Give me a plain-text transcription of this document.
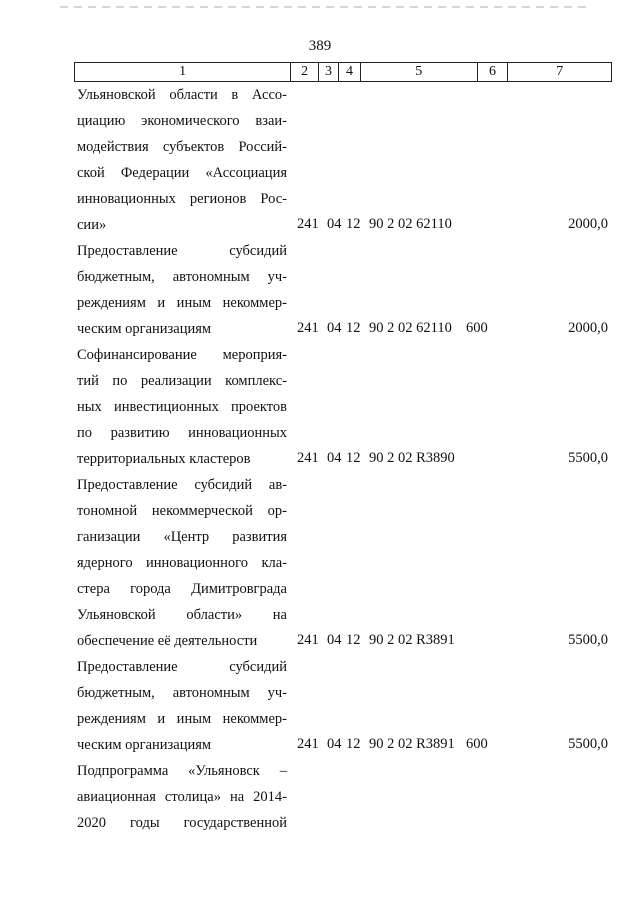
389
1	2	3 4	5	6	7
Ульяновской области в Ассо-
циацию экономического взаи-
модействия субъектов Россий-
ской Федерации «Ассоциация
инновационных регионов Рос-
сии»	241 04 12 90 2 02 62110	2000,0
Предоставление субсидий
бюджетным, автономным уч-
реждениям и иным некоммер-
ческим организациям	241 04 12 90 2 02 62110 600	2000,0
Софинансирование мероприя-
тий по реализации комплекс-
ных инвестиционных проектов
по развитию инновационных
территориальных кластеров	241 04 12 90 2 02 R3890	5500,0
Предоставление субсидий ав-
тономной некоммерческой ор-
ганизации «Центр развития
ядерного инновационного кла-
стера города Димитровграда
Ульяновской области» на
обеспечение её деятельности	241 04 12 90 2 02 R3891	5500,0
Предоставление субсидий
бюджетным, автономным уч-
реждениям и иным некоммер-
ческим организациям	241 04 12 90 2 02 R3891 600	5500,0
Подпрограмма «Ульяновск –
авиационная столица» на 2014-
2020 годы государственной
